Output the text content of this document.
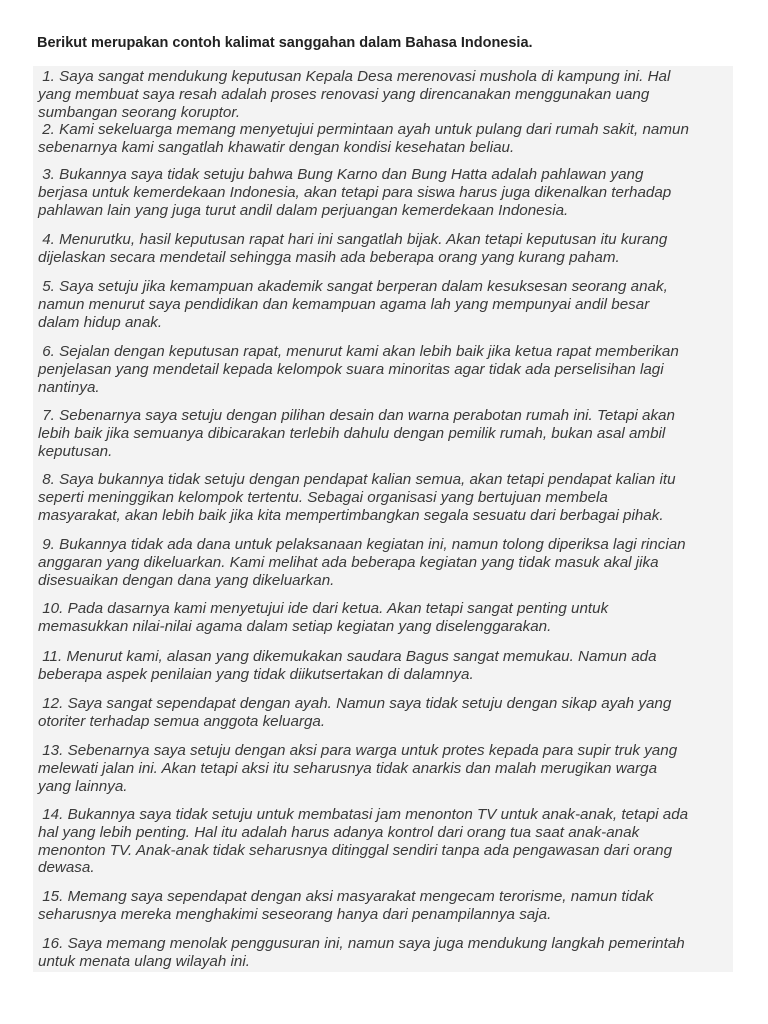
Berikut merupakan contoh kalimat sanggahan dalam Bahasa Indonesia.

1. Saya sangat mendukung keputusan Kepala Desa merenovasi mushola di kampung ini. Hal
yang membuat saya resah adalah proses renovasi yang direncanakan menggunakan uang
sumbangan seorang koruptor.

2. Kami sekeluarga memang menyetujui permintaan ayah untuk pulang dari rumah sakit, namun
sebenarnya kami sangatlah khawatir dengan kondisi kesehatan beliau.

3. Bukannya saya tidak setuju bahwa Bung Karno dan Bung Hatta adalah pahlawan yang
berjasa untuk kemerdekaan Indonesia, akan tetapi para siswa harus juga dikenalkan terhadap
pahlawan lain yang juga turut andil dalam perjuangan kemerdekaan Indonesia.

4. Menurutku, hasil keputusan rapat hari ini sangatlah bijak. Akan tetapi keputusan itu kurang
dijelaskan secara mendetail sehingga masih ada beberapa orang yang kurang paham.

5. Saya setuju jika kemampuan akademik sangat berperan dalam kesuksesan seorang anak,
namun menurut saya pendidikan dan kemampuan agama lah yang mempunyai andil besar
dalam hidup anak.

6. Sejalan dengan keputusan rapat, menurut kami akan lebih baik jika ketua rapat memberikan
penjelasan yang mendetail kepada kelompok suara minoritas agar tidak ada perselisihan lagi
nantinya.

7. Sebenarnya saya setuju dengan pilihan desain dan warna perabotan rumah ini. Tetapi akan
lebih baik jika semuanya dibicarakan terlebih dahulu dengan pemilik rumah, bukan asal ambil
keputusan.

8. Saya bukannya tidak setuju dengan pendapat kalian semua, akan tetapi pendapat kalian itu
seperti meninggikan kelompok tertentu. Sebagai organisasi yang bertujuan membela
masyarakat, akan lebih baik jika kita mempertimbangkan segala sesuatu dari berbagai pihak.

9. Bukannya tidak ada dana untuk pelaksanaan kegiatan ini, namun tolong diperiksa lagi rincian
anggaran yang dikeluarkan. Kami melihat ada beberapa kegiatan yang tidak masuk akal jika
disesuaikan dengan dana yang dikeluarkan.

10. Pada dasarnya kami menyetujui ide dari ketua. Akan tetapi sangat penting untuk
memasukkan nilai-nilai agama dalam setiap kegiatan yang diselenggarakan.

11. Menurut kami, alasan yang dikemukakan saudara Bagus sangat memukau. Namun ada
beberapa aspek penilaian yang tidak diikutsertakan di dalamnya.

12. Saya sangat sependapat dengan ayah. Namun saya tidak setuju dengan sikap ayah yang
otoriter terhadap semua anggota keluarga.

13. Sebenarnya saya setuju dengan aksi para warga untuk protes kepada para supir truk yang
melewati jalan ini. Akan tetapi aksi itu seharusnya tidak anarkis dan malah merugikan warga
yang lainnya.

14. Bukannya saya tidak setuju untuk membatasi jam menonton TV untuk anak-anak, tetapi ada
hal yang lebih penting. Hal itu adalah harus adanya kontrol dari orang tua saat anak-anak
menonton TV. Anak-anak tidak seharusnya ditinggal sendiri tanpa ada pengawasan dari orang
dewasa.

15. Memang saya sependapat dengan aksi masyarakat mengecam terorisme, namun tidak
seharusnya mereka menghakimi seseorang hanya dari penampilannya saja.

16. Saya memang menolak penggusuran ini, namun saya juga mendukung langkah pemerintah
untuk menata ulang wilayah ini.
